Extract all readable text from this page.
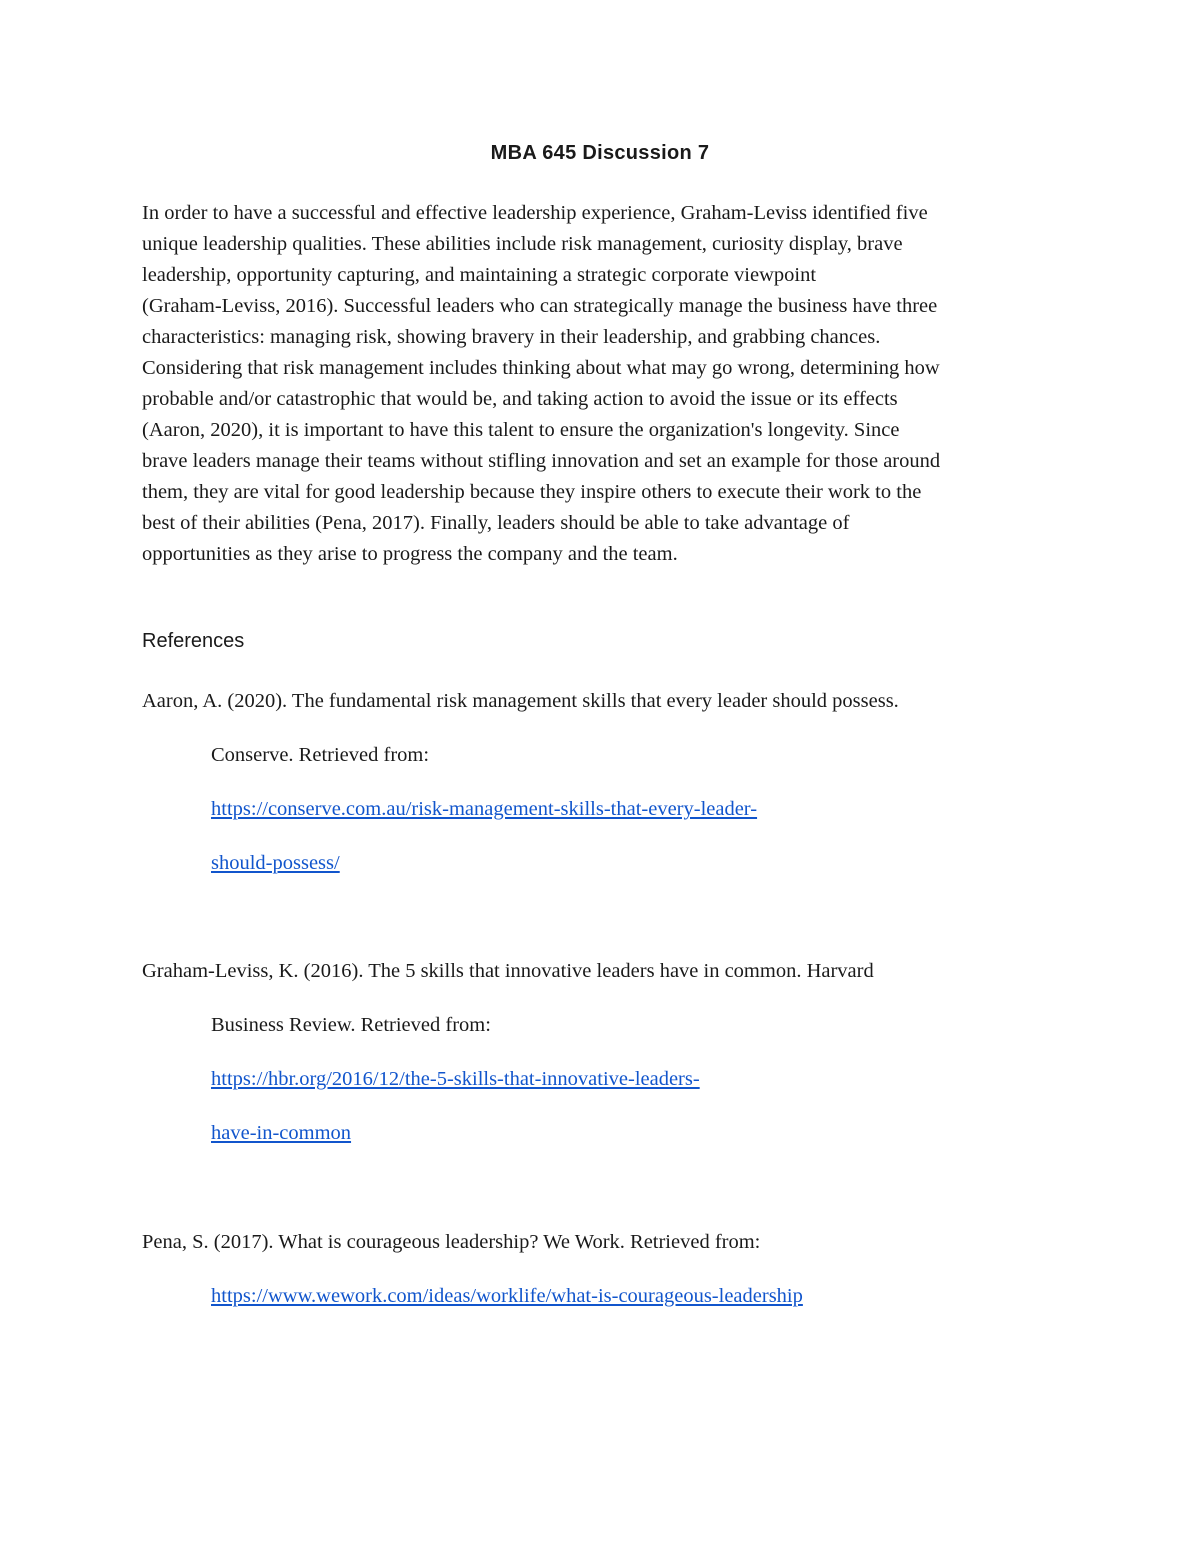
MBA 645 Discussion 7

In order to have a successful and effective leadership experience, Graham-Leviss identified five
unique leadership qualities. These abilities include risk management, curiosity display, brave
leadership, opportunity capturing, and maintaining a strategic corporate viewpoint
(Graham-Leviss, 2016). Successful leaders who can strategically manage the business have three
characteristics: managing risk, showing bravery in their leadership, and grabbing chances.
Considering that risk management includes thinking about what may go wrong, determining how
probable and/or catastrophic that would be, and taking action to avoid the issue or its effects
(Aaron, 2020), it is important to have this talent to ensure the organization's longevity. Since
brave leaders manage their teams without stifling innovation and set an example for those around
them, they are vital for good leadership because they inspire others to execute their work to the
best of their abilities (Pena, 2017). Finally, leaders should be able to take advantage of
opportunities as they arise to progress the company and the team.

References
Aaron, A. (2020). The fundamental risk management skills that every leader should possess.
Conserve. Retrieved from:
https://conserve.com.au/risk-management-skills-that-every-leader-
should-possess/
Graham-Leviss, K. (2016). The 5 skills that innovative leaders have in common. Harvard
Business Review. Retrieved from:
https://hbr.org/2016/12/the-5-skills-that-innovative-leaders-
have-in-common
Pena, S. (2017). What is courageous leadership? We Work. Retrieved from:
https://www.wework.com/ideas/worklife/what-is-courageous-leadership
